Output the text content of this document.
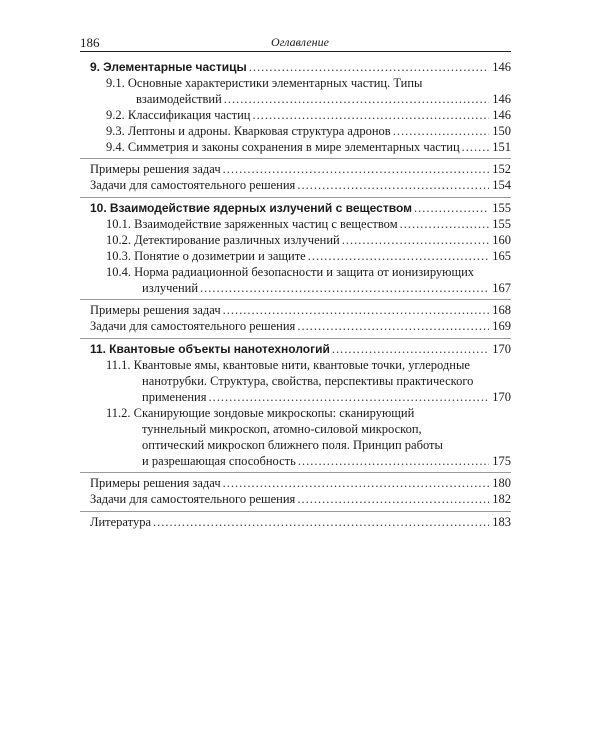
186	Оглавление
9.
Элементарные частицы .....	146
9.1. Основные характеристики элементарных частиц. Типы
взаимодействий .....	146
9.2. Классификация частиц .....	146
9.3. Лептоны и адроны. Кварковая структура адронов .....	150
9.4. Симметрия и законы сохранения в мире элементарных частиц .....	151
Примеры решения задач .....	152
Задачи для самостоятельного решения .....	154
10.
Взаимодействие ядерных излучений с веществом .....	155
10.1. Взаимодействие заряженных частиц с веществом .....	155
10.2. Детектирование различных излучений .....	160
10.3. Понятие о дозиметрии и защите .....	165
10.4. Норма радиационной безопасности и защита от ионизирующих
излучений .....	167
Примеры решения задач .....	168
Задачи для самостоятельного решения .....	169
11.
Квантовые объекты нанотехнологий .....	170
11.1. Квантовые ямы, квантовые нити, квантовые точки, углеродные
нанотрубки. Структура, свойства, перспективы практического
применения .....	170
11.2. Сканирующие зондовые микроскопы: сканирующий
туннельный микроскоп, атомно-силовой микроскоп,
оптический микроскоп ближнего поля. Принцип работы
и разрешающая способность .....	175
Примеры решения задач .....	180
Задачи для самостоятельного решения .....	182
Литература .....	183
